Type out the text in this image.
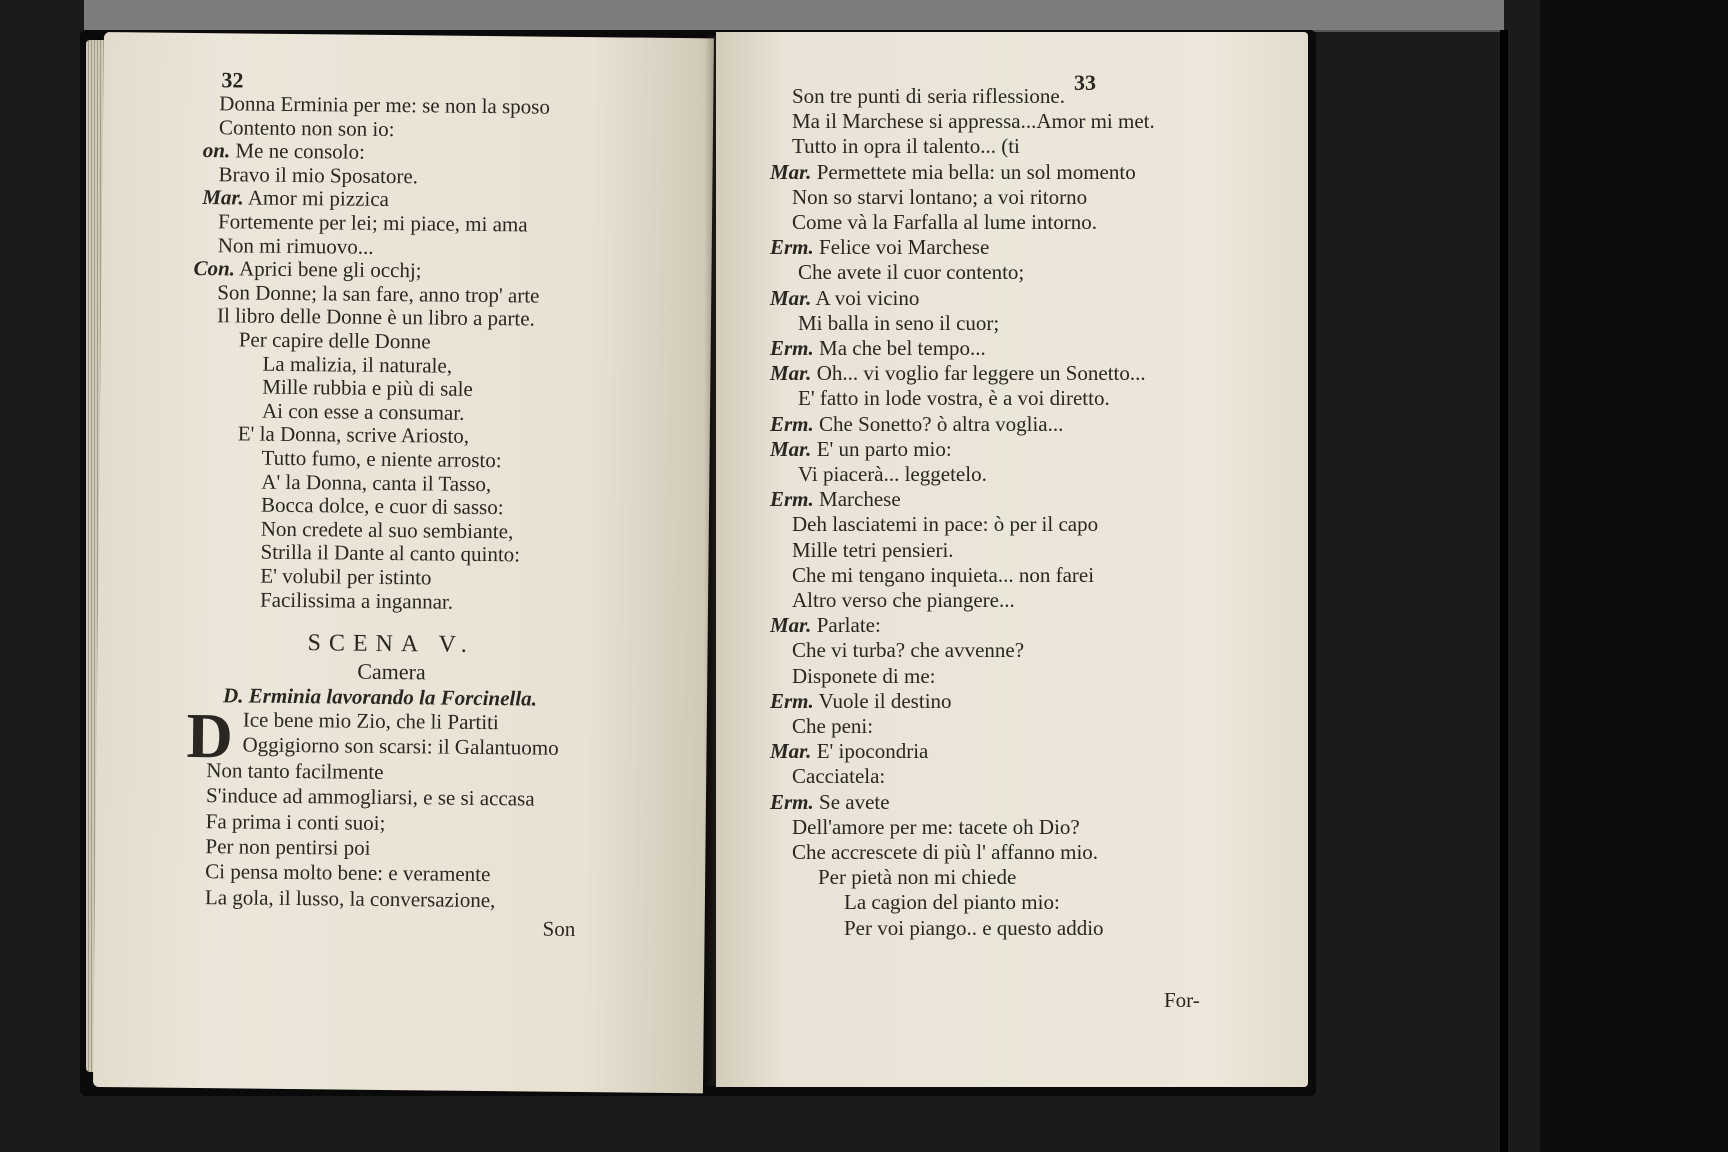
32
Donna Erminia per me: se non la sposo
Contento non son io:
on. Me ne consolo:
Bravo il mio Sposatore.
Mar. Amor mi pizzica
Fortemente per lei; mi piace, mi ama
Non mi rimuovo...
Con. Aprici bene gli occhj;
Son Donne; la san fare, anno trop' arte
Il libro delle Donne è un libro a parte.
Per capire delle Donne
La malizia, il naturale,
Mille rubbia e più di sale
Ai con esse a consumar.
E' la Donna, scrive Ariosto,
Tutto fumo, e niente arrosto:
A' la Donna, canta il Tasso,
Bocca dolce, e cuor di sasso:
Non credete al suo sembiante,
Strilla il Dante al canto quinto:
E' volubil per istinto
Facilissima a ingannar.
SCENA V.
Camera
D. Erminia lavorando la Forcinella.
D Ice bene mio Zio, che li Partiti
Oggigiorno son scarsi: il Galantuomo
Non tanto facilmente
S'induce ad ammogliarsi, e se si accasa
Fa prima i conti suoi;
Per non pentirsi poi
Ci pensa molto bene: e veramente
La gola, il lusso, la conversazione,
Son
33
Son tre punti di seria riflessione.
Ma il Marchese si appressa...Amor mi met.
Tutto in opra il talento... (ti
Mar. Permettete mia bella: un sol momento
Non so starvi lontano; a voi ritorno
Come và la Farfalla al lume intorno.
Erm. Felice voi Marchese
Che avete il cuor contento;
Mar. A voi vicino
Mi balla in seno il cuor;
Erm. Ma che bel tempo...
Mar. Oh... vi voglio far leggere un Sonetto...
E' fatto in lode vostra, è a voi diretto.
Erm. Che Sonetto? ò altra voglia...
Mar. E' un parto mio:
Vi piacerà... leggetelo.
Erm. Marchese
Deh lasciatemi in pace: ò per il capo
Mille tetri pensieri.
Che mi tengano inquieta... non farei
Altro verso che piangere...
Mar. Parlate:
Che vi turba? che avvenne?
Disponete di me:
Erm. Vuole il destino
Che peni:
Mar. E' ipocondria
Cacciatela:
Erm. Se avete
Dell'amore per me: tacete oh Dio?
Che accrescete di più l' affanno mio.
Per pietà non mi chiede
La cagion del pianto mio:
Per voi piango.. e questo addio
For-
